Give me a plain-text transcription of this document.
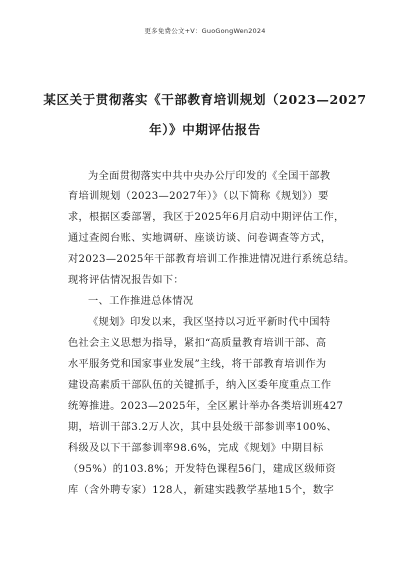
更多免费公文+V：GuoGongWen2024
某区关于贯彻落实《干部教育培训规划（2023—2027
年）》中期评估报告
为全面贯彻落实中共中央办公厅印发的《全国干部教
育培训规划（2023—2027年）》（以下简称《规划》）要
求，根据区委部署，我区于2025年6月启动中期评估工作，
通过查阅台账、实地调研、座谈访谈、问卷调查等方式，
对2023—2025年干部教育培训工作推进情况进行系统总结。
现将评估情况报告如下：
一、工作推进总体情况
《规划》印发以来，我区坚持以习近平新时代中国特
色社会主义思想为指导，紧扣“高质量教育培训干部、高
水平服务党和国家事业发展”主线，将干部教育培训作为
建设高素质干部队伍的关键抓手，纳入区委年度重点工作
统筹推进。2023—2025年，全区累计举办各类培训班427
期，培训干部3.2万人次，其中县处级干部参训率100%、
科级及以下干部参训率98.6%，完成《规划》中期目标
（95%）的103.8%；开发特色课程56门，建成区级师资
库（含外聘专家）128人，新建实践教学基地15个，数字
